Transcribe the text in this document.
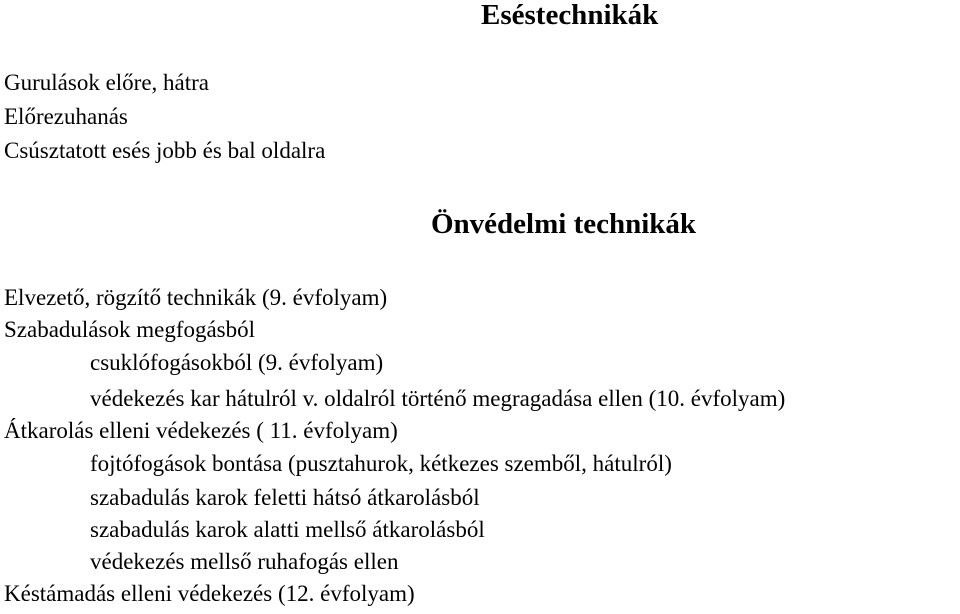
Eséstechnikák

Gurulások előre, hátra

Előrezuhanás

Csúsztatott esés jobb és bal oldalra

Önvédelmi technikák

Elvezető, rögzítő technikák (9. évfolyam)

Szabadulások megfogásból

csuklófogásokból (9. évfolyam)

védekezés kar hátulról v. oldalról történő megragadása ellen (10. évfolyam)

Átkarolás elleni védekezés ( 11. évfolyam)

fojtófogások bontása (pusztahurok, kétkezes szemből, hátulról)

szabadulás karok feletti hátsó átkarolásból

szabadulás karok alatti mellső átkarolásból

védekezés mellső ruhafogás ellen

Késtámadás elleni védekezés (12. évfolyam)
